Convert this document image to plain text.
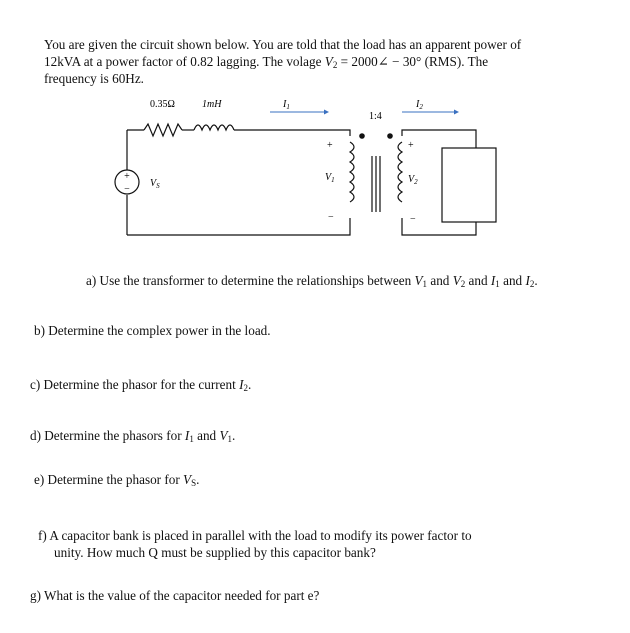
You are given the circuit shown below. You are told that the load has an apparent power of
12kVA at a power factor of 0.82 lagging. The volage $V_2$ = 2000∠ − 30° (RMS). The
frequency is 60Hz.
+
−
0.35Ω	1mH	$I_1$
1:4
$I_2$
+
$V_1$
−
+
$V_2$
−
$V_S$
a) Use the transformer to determine the relationships between $V_1$ and $V_2$ and $I_1$ and $I_2$.
b) Determine the complex power in the load.
c) Determine the phasor for the current $I_2$.
d) Determine the phasors for $I_1$ and $V_1$.
e) Determine the phasor for $V_S$.
f) A capacitor bank is placed in parallel with the load to modify its power factor to
unity. How much Q must be supplied by this capacitor bank?
g) What is the value of the capacitor needed for part e?
